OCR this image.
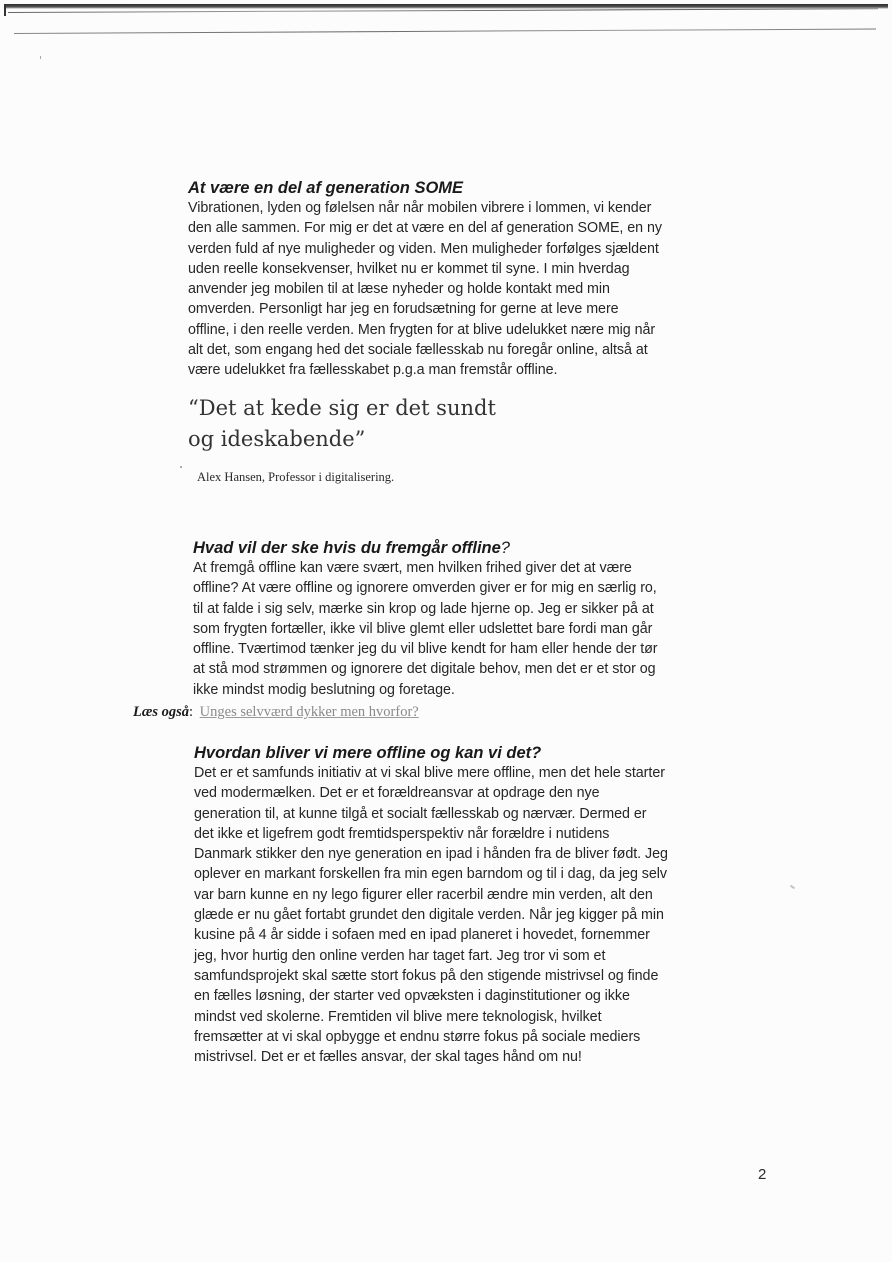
At være en del af generation SOME

Vibrationen, lyden og følelsen når når mobilen vibrere i lommen, vi kender
den alle sammen. For mig er det at være en del af generation SOME, en ny
verden fuld af nye muligheder og viden. Men muligheder forfølges sjældent
uden reelle konsekvenser, hvilket nu er kommet til syne. I min hverdag
anvender jeg mobilen til at læse nyheder og holde kontakt med min
omverden. Personligt har jeg en forudsætning for gerne at leve mere
offline, i den reelle verden. Men frygten for at blive udelukket nære mig når
alt det, som engang hed det sociale fællesskab nu foregår online, altså at
være udelukket fra fællesskabet p.g.a man fremstår offline.

“Det at kede sig er det sundt
og ideskabende”
Alex Hansen, Professor i digitalisering.
Hvad vil der ske hvis du fremgår offline?

At fremgå offline kan være svært, men hvilken frihed giver det at være
offline? At være offline og ignorere omverden giver er for mig en særlig ro,
til at falde i sig selv, mærke sin krop og lade hjerne op. Jeg er sikker på at
som frygten fortæller, ikke vil blive glemt eller udslettet bare fordi man går
offline. Tværtimod tænker jeg du vil blive kendt for ham eller hende der tør
at stå mod strømmen og ignorere det digitale behov, men det er et stor og
ikke mindst modig beslutning og foretage.

Læs også: Unges selvværd dykker men hvorfor?
Hvordan bliver vi mere offline og kan vi det?

Det er et samfunds initiativ at vi skal blive mere offline, men det hele starter
ved modermælken. Det er et forældreansvar at opdrage den nye
generation til, at kunne tilgå et socialt fællesskab og nærvær. Dermed er
det ikke et ligefrem godt fremtidsperspektiv når forældre i nutidens
Danmark stikker den nye generation en ipad i hånden fra de bliver født. Jeg
oplever en markant forskellen fra min egen barndom og til i dag, da jeg selv
var barn kunne en ny lego figurer eller racerbil ændre min verden, alt den
glæde er nu gået fortabt grundet den digitale verden. Når jeg kigger på min
kusine på 4 år sidde i sofaen med en ipad planeret i hovedet, fornemmer
jeg, hvor hurtig den online verden har taget fart. Jeg tror vi som et
samfundsprojekt skal sætte stort fokus på den stigende mistrivsel og finde
en fælles løsning, der starter ved opvæksten i daginstitutioner og ikke
mindst ved skolerne. Fremtiden vil blive mere teknologisk, hvilket
fremsætter at vi skal opbygge et endnu større fokus på sociale mediers
mistrivsel. Det er et fælles ansvar, der skal tages hånd om nu!

2
